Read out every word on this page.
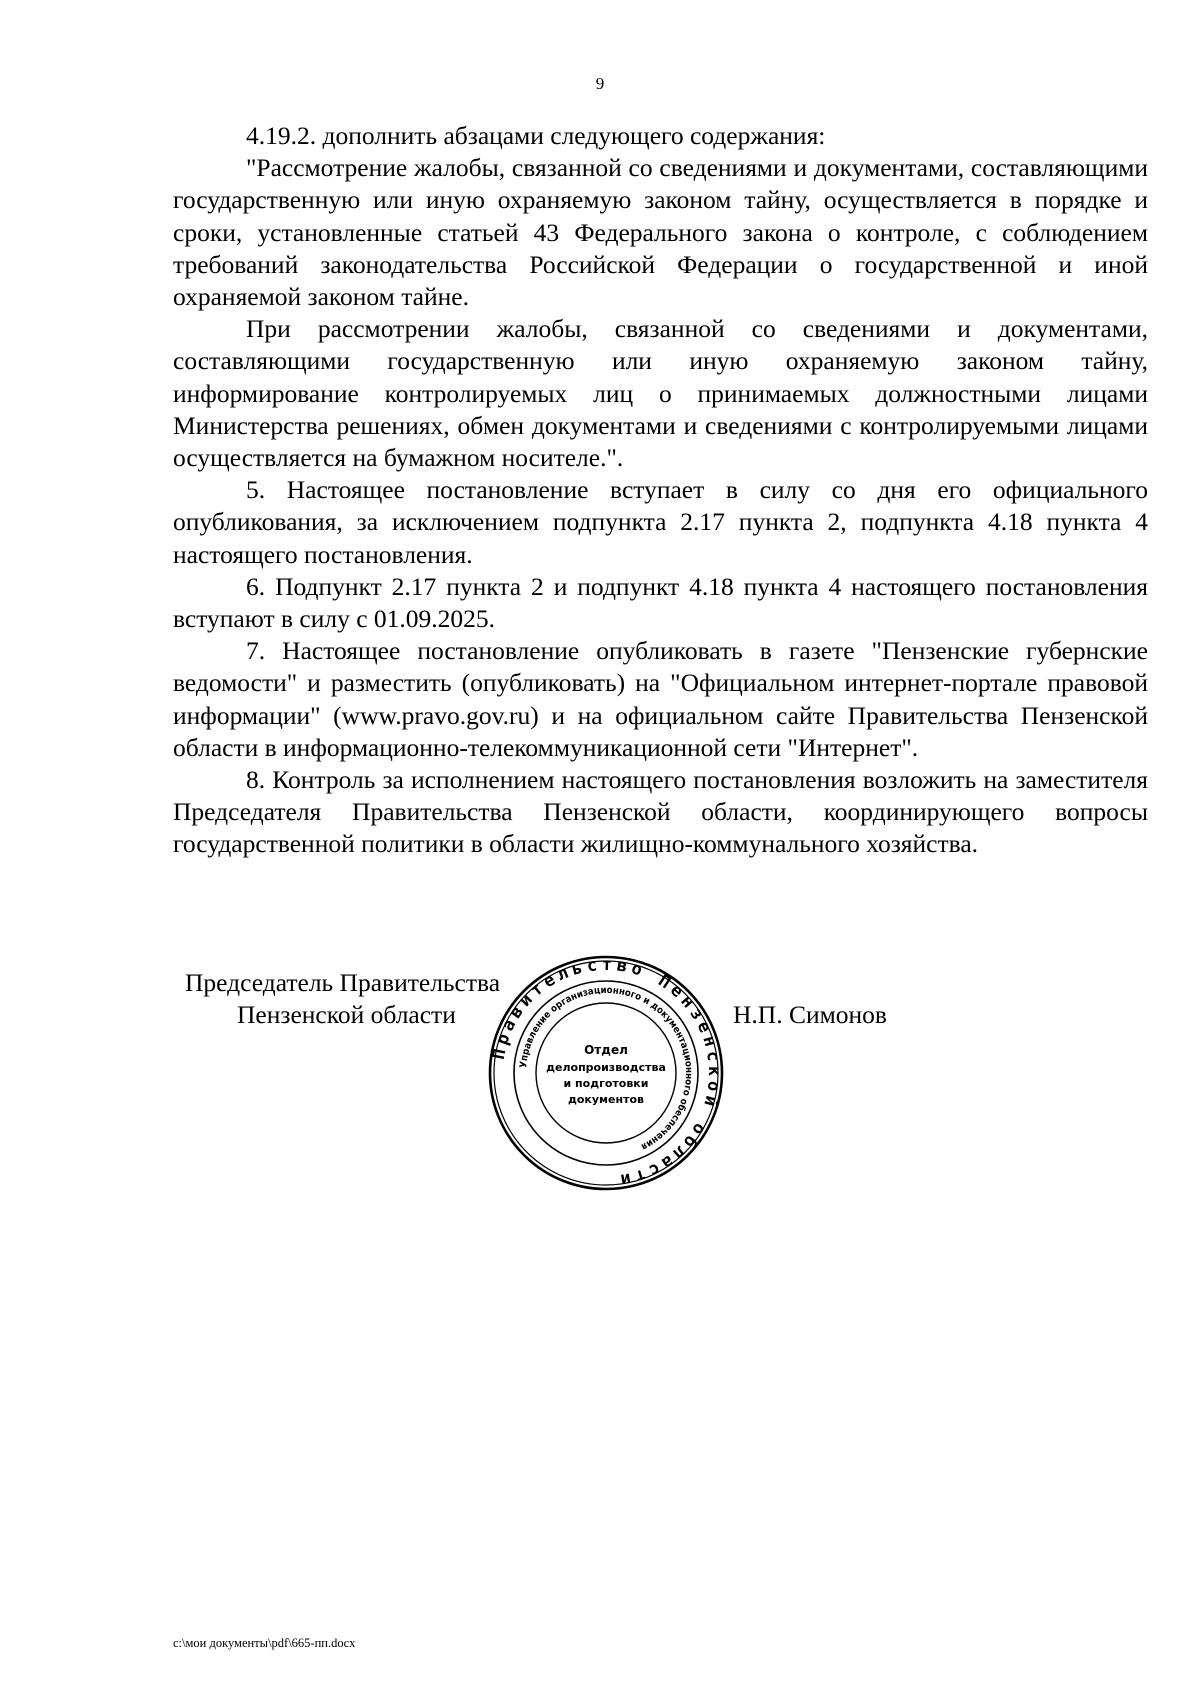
9

4.19.2. дополнить абзацами следующего содержания:

"Рассмотрение жалобы, связанной со сведениями и документами, составляющими государственную или иную охраняемую законом тайну, осуществляется в порядке и сроки, установленные статьей 43 Федерального закона о контроле, с соблюдением требований законодательства Российской Федерации о государственной и иной охраняемой законом тайне.

При рассмотрении жалобы, связанной со сведениями и документами, составляющими государственную или иную охраняемую законом тайну, информирование контролируемых лиц о принимаемых должностными лицами Министерства решениях, обмен документами и сведениями с контролируемыми лицами осуществляется на бумажном носителе.".

5. Настоящее постановление вступает в силу со дня его официального опубликования, за исключением подпункта 2.17 пункта 2, подпункта 4.18 пункта 4 настоящего постановления.

6. Подпункт 2.17 пункта 2 и подпункт 4.18 пункта 4 настоящего постановления вступают в силу с 01.09.2025.

7. Настоящее постановление опубликовать в газете "Пензенские губернские ведомости" и разместить (опубликовать) на "Официальном интернет-портале правовой информации" (www.pravo.gov.ru) и на официальном сайте Правительства Пензенской области в информационно-телекоммуникационной сети "Интернет".

8. Контроль за исполнением настоящего постановления возложить на заместителя Председателя Правительства Пензенской области, координирующего вопросы государственной политики в области жилищно-коммунального хозяйства.

Правительство Пензенской области
Управление организационного и документационного обеспечения
Отдел
делопроизводства
и подготовки
документов
Председатель Правительства
Пензенской области	Н.П. Симонов
c:\мои документы\pdf\665-пп.docx
